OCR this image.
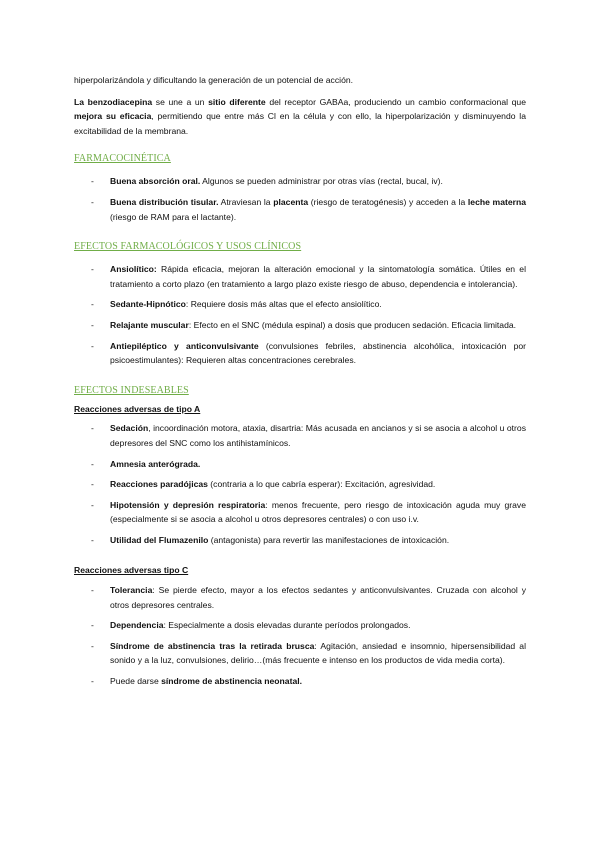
hiperpolarizándola y dificultando la generación de un potencial de acción.

La benzodiacepina se une a un sitio diferente del receptor GABAa, produciendo un cambio conformacional que mejora su eficacia, permitiendo que entre más Cl en la célula y con ello, la hiperpolarización y disminuyendo la excitabilidad de la membrana.

FARMACOCINÉTICA
- Buena absorción oral. Algunos se pueden administrar por otras vías (rectal, bucal, iv).
- Buena distribución tisular. Atraviesan la placenta (riesgo de teratogénesis) y acceden a la leche materna (riesgo de RAM para el lactante).
EFECTOS FARMACOLÓGICOS Y USOS CLÍNICOS
- Ansiolítico: Rápida eficacia, mejoran la alteración emocional y la sintomatología somática. Útiles en el tratamiento a corto plazo (en tratamiento a largo plazo existe riesgo de abuso, dependencia e intolerancia).
- Sedante-Hipnótico: Requiere dosis más altas que el efecto ansiolítico.
- Relajante muscular: Efecto en el SNC (médula espinal) a dosis que producen sedación. Eficacia limitada.
- Antiepiléptico y anticonvulsivante (convulsiones febriles, abstinencia alcohólica, intoxicación por psicoestimulantes): Requieren altas concentraciones cerebrales.
EFECTOS INDESEABLES
Reacciones adversas de tipo A
- Sedación, incoordinación motora, ataxia, disartria: Más acusada en ancianos y si se asocia a alcohol u otros depresores del SNC como los antihistamínicos.
- Amnesia anterógrada.
- Reacciones paradójicas (contraria a lo que cabría esperar): Excitación, agresividad.
- Hipotensión y depresión respiratoria: menos frecuente, pero riesgo de intoxicación aguda muy grave (especialmente si se asocia a alcohol u otros depresores centrales) o con uso i.v.
- Utilidad del Flumazenilo (antagonista) para revertir las manifestaciones de intoxicación.
Reacciones adversas tipo C
- Tolerancia: Se pierde efecto, mayor a los efectos sedantes y anticonvulsivantes. Cruzada con alcohol y otros depresores centrales.
- Dependencia: Especialmente a dosis elevadas durante períodos prolongados.
- Síndrome de abstinencia tras la retirada brusca: Agitación, ansiedad e insomnio, hipersensibilidad al sonido y a la luz, convulsiones, delirio…(más frecuente e intenso en los productos de vida media corta).
- Puede darse síndrome de abstinencia neonatal.
